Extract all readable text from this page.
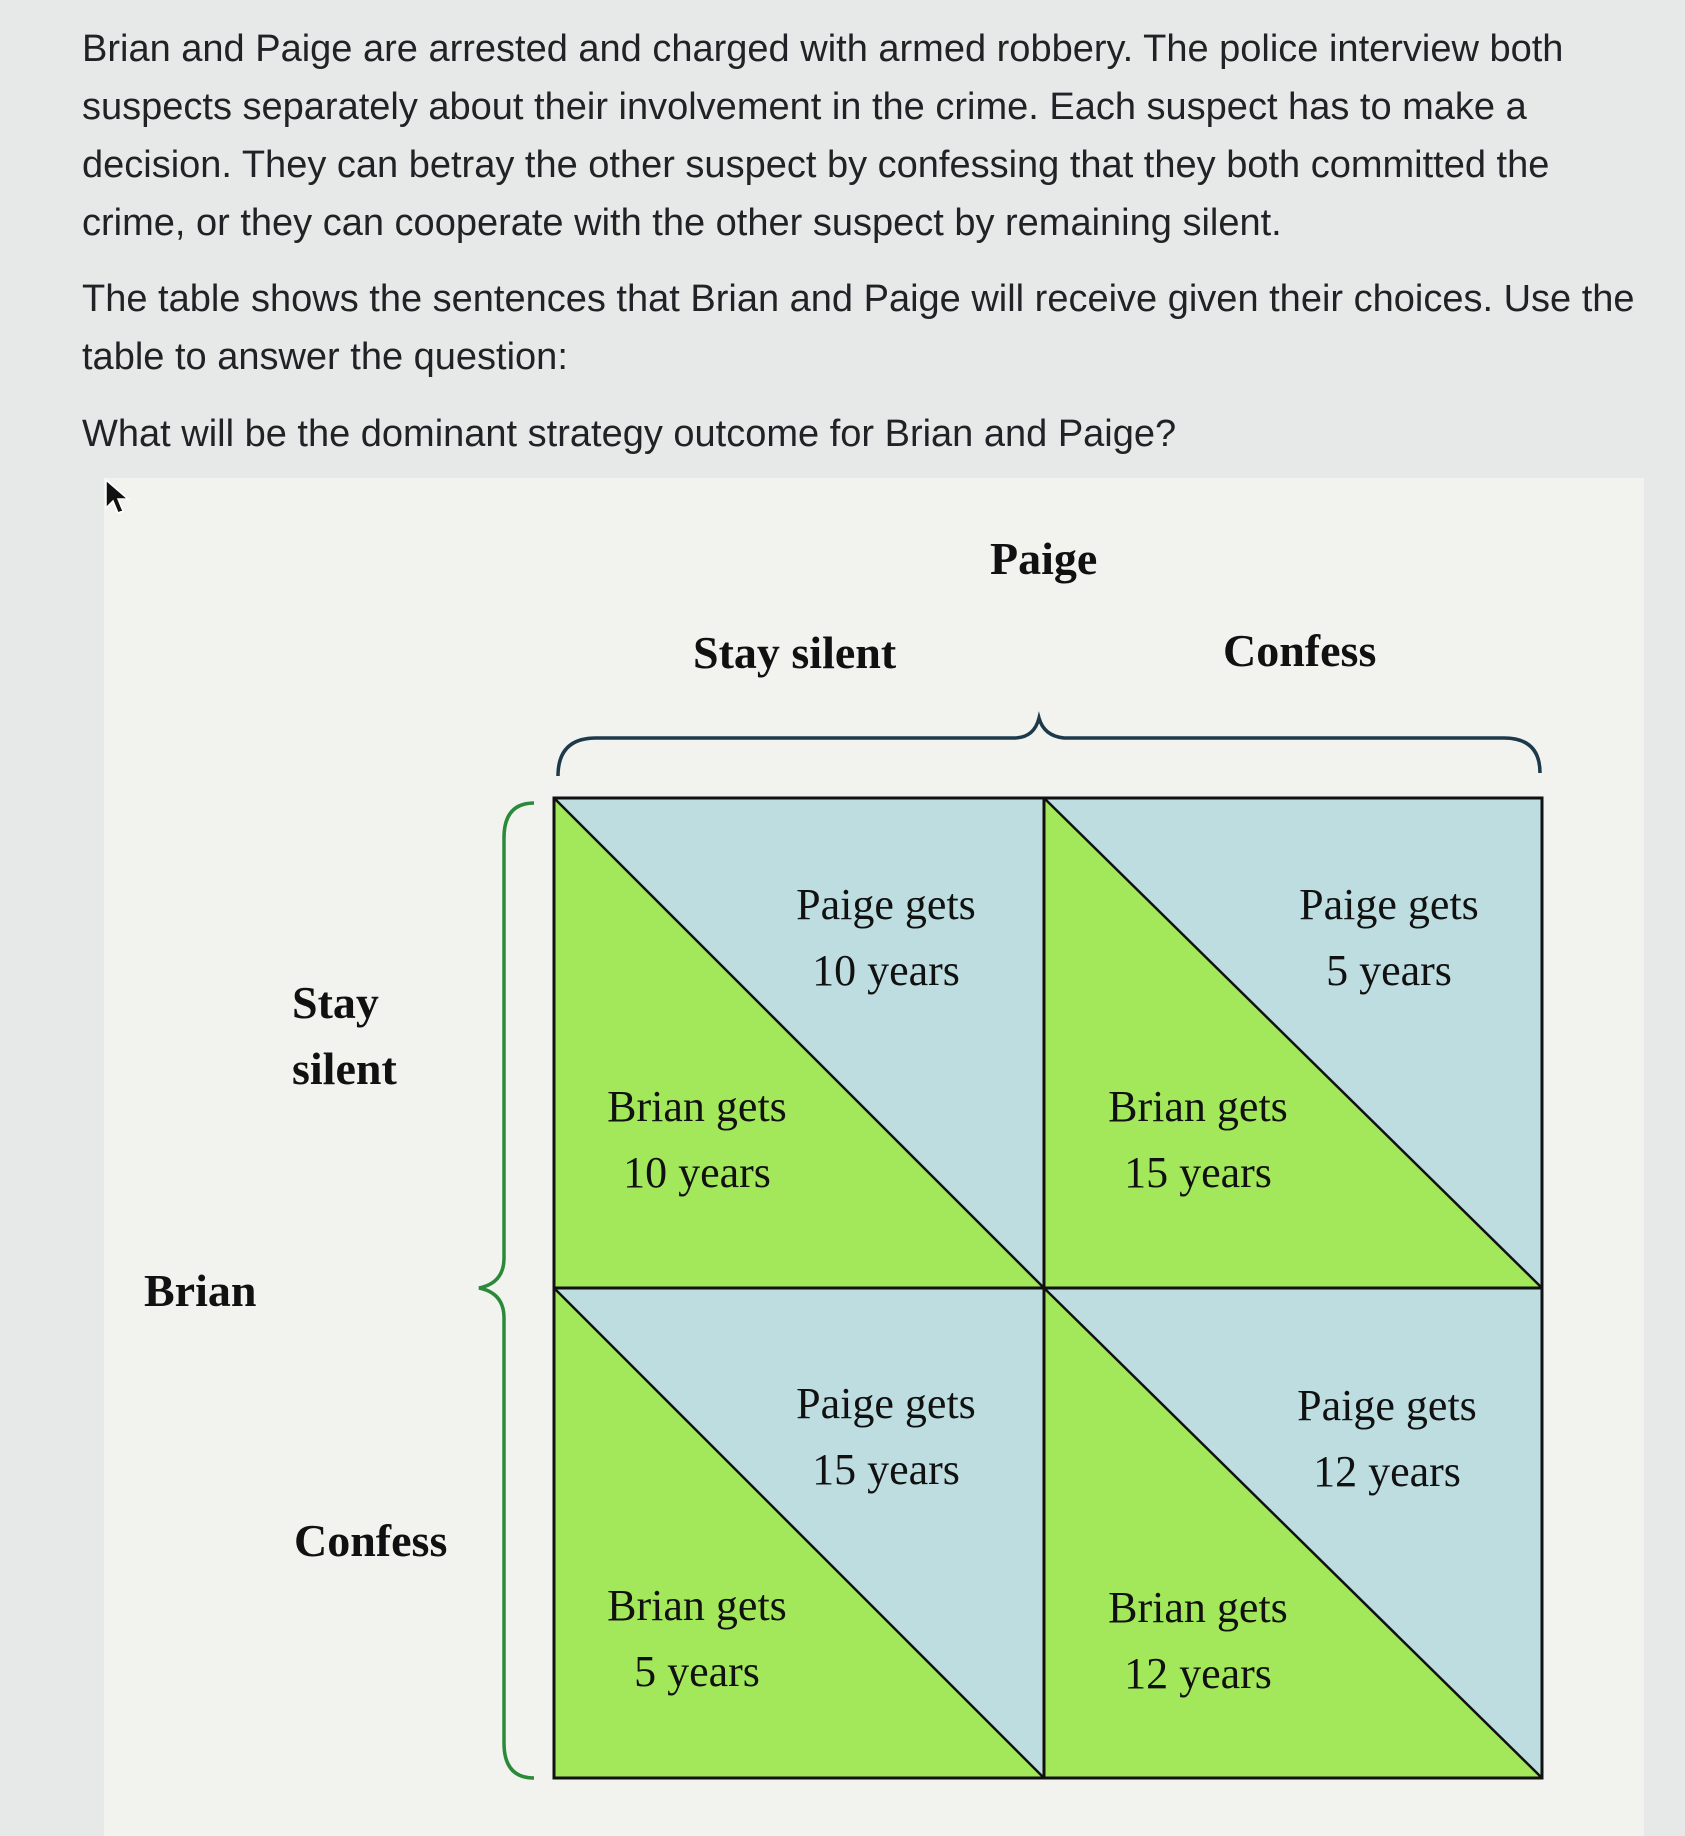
Brian and Paige are arrested and charged with armed robbery. The police interview both suspects separately about their involvement in the crime. Each suspect has to make a decision. They can betray the other suspect by confessing that they both committed the crime, or they can cooperate with the other suspect by remaining silent.

The table shows the sentences that Brian and Paige will receive given their choices. Use the table to answer the question:

What will be the dominant strategy outcome for Brian and Paige?

Paige
Brian
Stay silent	Confess
Stay
silent
Confess
Paige gets
10 years
Brian gets
10 years
Paige gets
5 years
Brian gets
15 years
Paige gets
15 years
Brian gets
5 years
Paige gets
12 years
Brian gets
12 years
